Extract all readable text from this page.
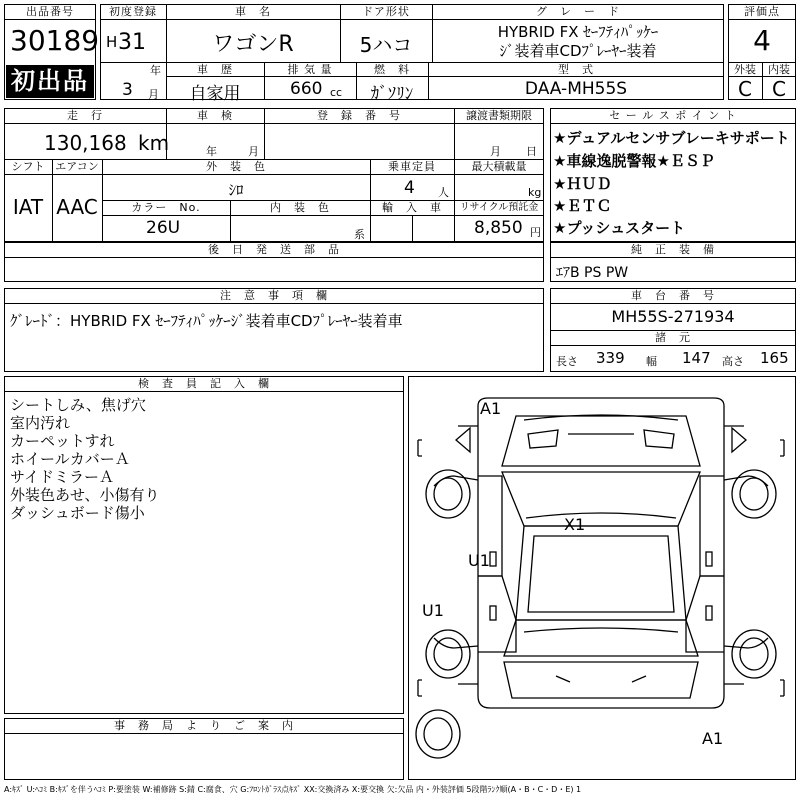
出品番号
30189
初出品
初度登録
H 31
年
3 月
車　名
ワゴンR
ドア形状
5ハコ
グ　レ　ー　ド
HYBRID FX ｾｰﾌﾃｨﾊﾟｯｹｰ
ｼﾞ装着車CDﾌﾟﾚｰﾔｰ装着
車　歴
自家用
排 気 量
660 cc
燃　料
ｶﾞｿﾘﾝ
型　式
DAA-MH55S
評価点
4
外装	内装
C	C
走　行
130,168 km
車　検
年	月
登　録　番　号	譲渡書類期限
月 日
シフト
IAT
エアコン
AAC
外　装　色
ｼﾛ
乗車定員
4 人
最大積載量
kg
カラー　No.
26U
内　装　色
系
輸　入　車	リサイクル預託金
8,850 円
後　日　発　送　部　品
セ ー ル ス ポ イ ン ト
★デュアルセンサブレーキサポート
★車線逸脱警報★ＥＳＰ
★ＨＵＤ
★ＥＴＣ
★プッシュスタート
純　正　装　備
ｴｱB PS PW
注　意　事　項　欄
ｸﾞﾚｰﾄﾞ：HYBRID FX ｾｰﾌﾃｨﾊﾟｯｹｰｼﾞ装着車CDﾌﾟﾚｰﾔｰ装着車
車　台　番　号
MH55S-271934
諸　元
長さ 339 幅 147 高さ 165
検　査　員　記　入　欄
シートしみ、焦げ穴
室内汚れ
カーペットすれ
ホイールカバーＡ
サイドミラーＡ
外装色あせ、小傷有り
ダッシュボード傷小
事　務　局　よ　り　ご　案　内
A1
X1
U1
U1
A1
A:ｷｽﾞ U:ﾍｺﾐ B:ｷｽﾞを伴うﾍｺﾐ P:要塗装 W:補修跡 S:錆 C:腐食、穴 G:ﾌﾛﾝﾄｶﾞﾗｽ点ｷｽﾞ XX:交換済み X:要交換 欠:欠品 内・外装評価 5段階ﾗﾝｸ順(A・B・C・D・E) 1
